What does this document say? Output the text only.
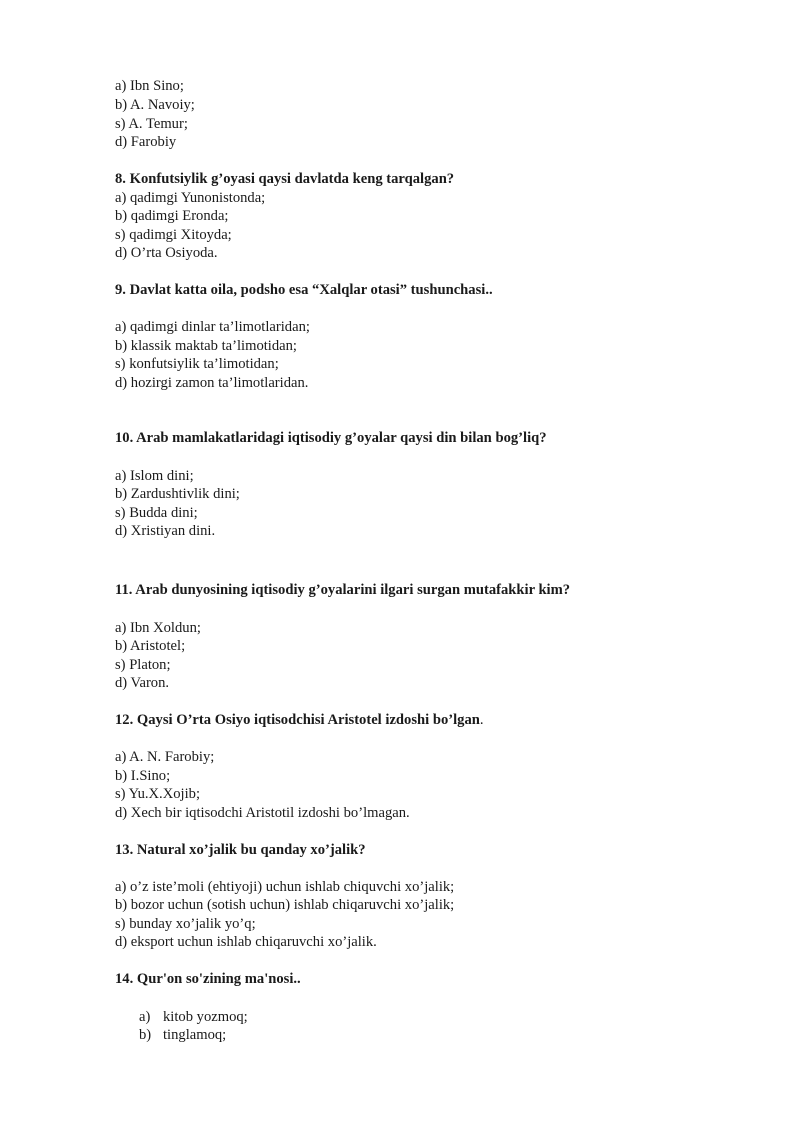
a) Ibn Sino;
b) A. Navoiy;
s) A. Temur;
d) Farobiy
8. Konfutsiylik g’oyasi qaysi davlatda keng tarqalgan?
a) qadimgi Yunonistonda;
b) qadimgi Eronda;
s) qadimgi Xitoyda;
d) O’rta Osiyoda.
9. Davlat katta oila, podsho esa “Xalqlar otasi” tushunchasi..
a) qadimgi dinlar ta’limotlaridan;
b) klassik maktab ta’limotidan;
s) konfutsiylik ta’limotidan;
d) hozirgi zamon ta’limotlaridan.
10. Arab mamlakatlaridagi iqtisodiy g’oyalar qaysi din bilan bog’liq?
a) Islom dini;
b) Zardushtivlik dini;
s) Budda dini;
d) Xristiyan dini.
11. Arab dunyosining iqtisodiy g’oyalarini ilgari surgan mutafakkir kim?
a) Ibn Xoldun;
b) Aristotel;
s) Platon;
d) Varon.
12. Qaysi O’rta Osiyo iqtisodchisi Aristotel izdoshi bo’lgan.
a) A. N. Farobiy;
b) I.Sino;
s) Yu.X.Xojib;
d) Xech bir iqtisodchi Aristotil izdoshi bo’lmagan.
13. Natural xo’jalik bu qanday xo’jalik?
a) o’z iste’moli (ehtiyoji) uchun ishlab chiquvchi xo’jalik;
b) bozor uchun (sotish uchun) ishlab chiqaruvchi xo’jalik;
s) bunday xo’jalik yo’q;
d) eksport uchun ishlab chiqaruvchi xo’jalik.
14. Qur'on so'zining ma'nosi..
a) kitob yozmoq;
b) tinglamoq;
